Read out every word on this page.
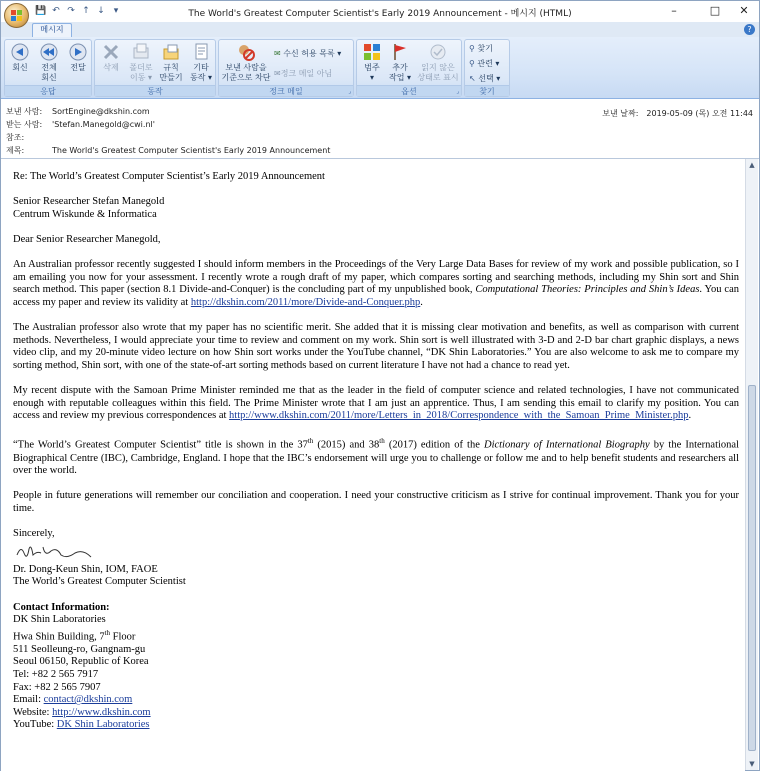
💾 ↶ ↷ ↑ ↓ ▾	The World's Greatest Computer Scientist's Early 2019 Announcement - 메시지 (HTML)	–	□	✕
메시지	?
회신	전체
회신
전달
응답
삭제	폴더로
이동 ▾
규칙
만들기
기타
동작 ▾
동작
보낸 사람을
기준으로 차단
✉ 수신 허용 목록 ▾
✉정크 메일 아님
정크 메일	⌟
범주
▾
추가
작업 ▾
읽지 않은
상태로 표시
옵션	⌟
⚲ 찾기
⚲ 관련 ▾
↖ 선택 ▾
찾기
보낸 사람: SortEngine@dkshin.com
받는 사람: 'Stefan.Manegold@cwi.nl'
참조:
제목:	The World's Greatest Computer Scientist's Early 2019 Announcement
보낸 날짜: 2019-05-09 (목) 오전 11:44

Re: The World’s Greatest Computer Scientist’s Early 2019 Announcement

Senior Researcher Stefan Manegold
Centrum Wiskunde & Informatica

Dear Senior Researcher Manegold,

An Australian professor recently suggested I should inform members in the Proceedings of the Very Large Data Bases for review of my work and possible publication, so I am emailing you now for your assessment. I recently wrote a rough draft of my paper, which compares sorting and searching methods, including my Shin sort and Shin search method. This paper (section 8.1 Divide-and-Conquer) is the concluding part of my unpublished book, Computational Theories: Principles and Shin’s Ideas. You can access my paper and review its validity at http://dkshin.com/2011/more/Divide-and-Conquer.php.

The Australian professor also wrote that my paper has no scientific merit. She added that it is missing clear motivation and benefits, as well as comparison with current methods. Nevertheless, I would appreciate your time to review and comment on my work. Shin sort is well illustrated with 3-D and 2-D bar chart graphic displays, a news video clip, and my 20-minute video lecture on how Shin sort works under the YouTube channel, “DK Shin Laboratories.” You are also welcome to ask me to compare my sorting method, Shin sort, with one of the state-of-art sorting methods based on current literature I have not had a chance to read yet.

My recent dispute with the Samoan Prime Minister reminded me that as the leader in the field of computer science and related technologies, I have not communicated enough with reputable colleagues within this field. The Prime Minister wrote that I am just an apprentice. Thus, I am sending this email to clarify my position. You can access and review my previous correspondences at http://www.dkshin.com/2011/more/Letters_in_2018/Correspondence_with_the_Samoan_Prime_Minister.php.

“The World’s Greatest Computer Scientist” title is shown in the 37th (2015) and 38th (2017) edition of the Dictionary of International Biography by the International Biographical Centre (IBC), Cambridge, England. I hope that the IBC’s endorsement will urge you to challenge or follow me and to help benefit students and researchers all over the world.

People in future generations will remember our conciliation and cooperation. I need your constructive criticism as I strive for continual improvement. Thank you for your time.

Sincerely,
Dr. Dong-Keun Shin, IOM, FAOE
The World’s Greatest Computer Scientist
Contact Information:
DK Shin Laboratories
Hwa Shin Building, 7th Floor
511 Seolleung-ro, Gangnam-gu
Seoul 06150, Republic of Korea
Tel: +82 2 565 7917
Fax: +82 2 565 7907
Email: contact@dkshin.com
Website: http://www.dkshin.com
YouTube: DK Shin Laboratories
▲
▼
